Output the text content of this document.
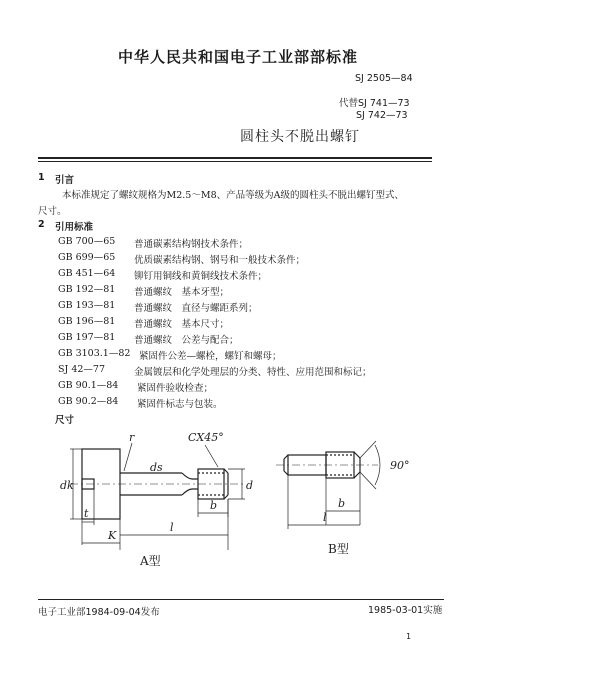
中华人民共和国电子工业部部标准
SJ 2505—84
代替SJ 741—73
SJ 742—73
圆柱头不脱出螺钉
1 引言
本标准规定了螺纹规格为M2.5～M8、产品等级为A级的圆柱头不脱出螺钉型式、
尺寸。
2 引用标准
GB 700—65 普通碳素结构钢技术条件；
GB 699—65 优质碳素结构钢、钢号和一般技术条件；
GB 451—64 铆钉用铜线和黄铜线技术条件；
GB 192—81 普通螺纹　基本牙型；
GB 193—81 普通螺纹　直径与螺距系列；
GB 196—81 普通螺纹　基本尺寸；
GB 197—81 普通螺纹　公差与配合；
GB 3103.1—82 紧固件公差—螺栓，螺钉和螺母；
SJ 42—77	金属镀层和化学处理层的分类、特性、应用范围和标记；
GB 90.1—84 紧固件验收检查；
GB 90.2—84 紧固件标志与包装。
尺寸
r	CX45°
dk
ds
d
b
t
K
l
A型
90°
b
l
B型
电子工业部1984-09-04发布	1985-03-01实施
1
